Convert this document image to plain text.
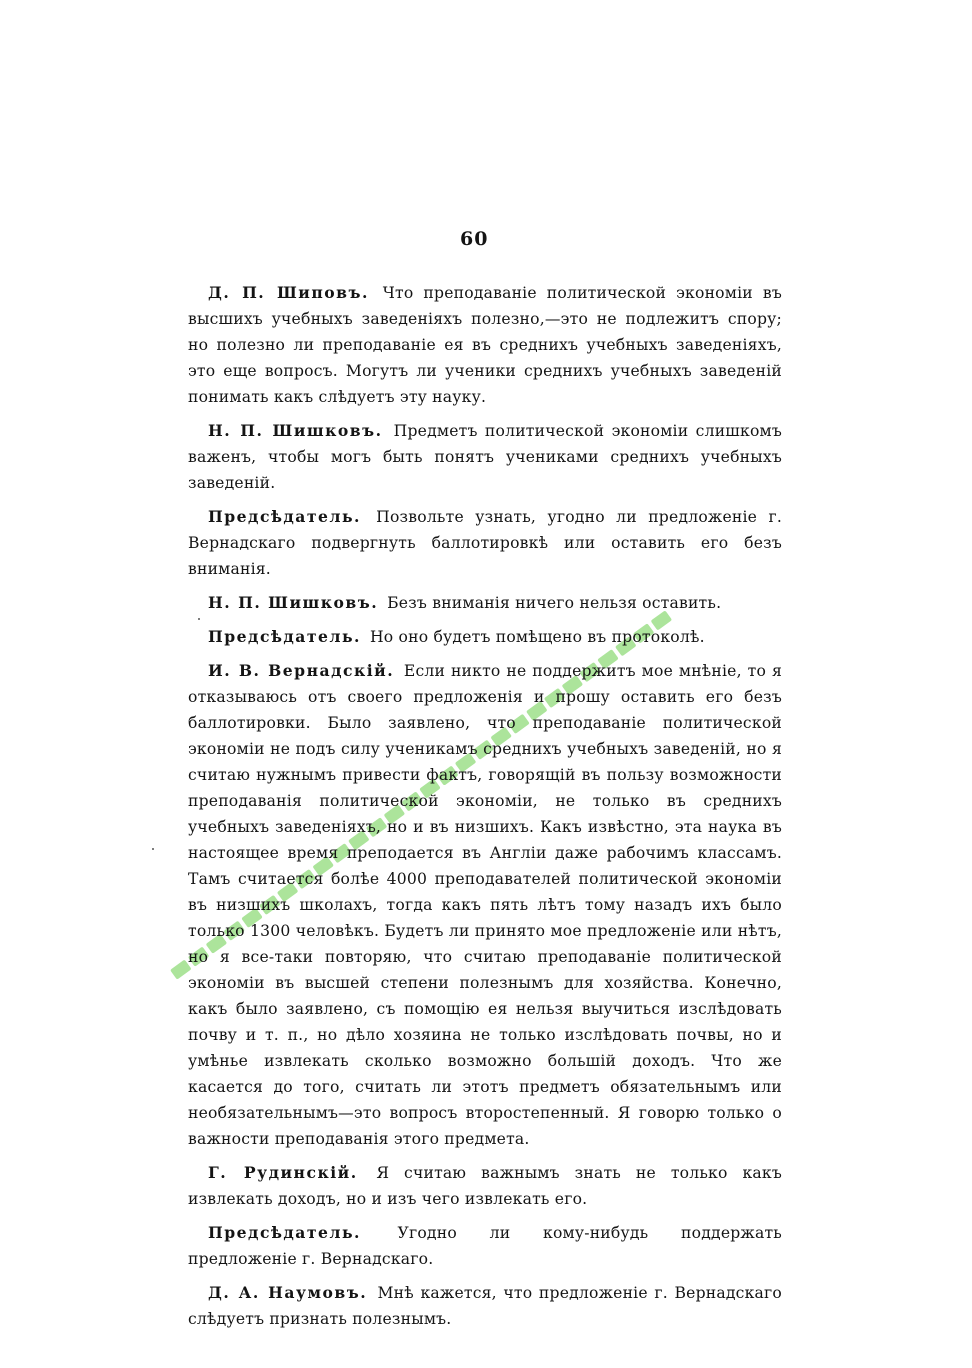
60

Д. П. Шиповъ. Что преподаванiе политической экономiи въ высшихъ учебныхъ заведенiяхъ полезно,—это не подлежитъ спору; но полезно ли преподаванiе ея въ среднихъ учебныхъ заведенiяхъ, это еще вопросъ. Могутъ ли ученики среднихъ учебныхъ заведенiй понимать какъ слѣдуетъ эту науку.

Н. П. Шишковъ. Предметъ политической экономiи слишкомъ важенъ, чтобы могъ быть понятъ учениками среднихъ учебныхъ заведенiй.

Предсѣдатель. Позвольте узнать, угодно ли предложенiе г. Вернадскаго подвергнуть баллотировкѣ или оставить его безъ вниманiя.

Н. П. Шишковъ. Безъ вниманiя ничего нельзя оставить.

Предсѣдатель. Но оно будетъ помѣщено въ протоколѣ.

И. В. Вернадскiй. Если никто не поддержитъ мое мнѣнiе, то я отказываюсь отъ своего предложенiя и прошу оставить его безъ баллотировки. Было заявлено, что преподаванiе политической экономiи не подъ силу ученикамъ среднихъ учебныхъ заведенiй, но я считаю нужнымъ привести фактъ, говорящiй въ пользу возможности преподаванiя политической экономiи, не только въ среднихъ учебныхъ заведенiяхъ, но и въ низшихъ. Какъ извѣстно, эта наука въ настоящее время преподается въ Англiи даже рабочимъ классамъ. Тамъ считается болѣе 4000 преподавателей политической экономiи въ низшихъ школахъ, тогда какъ пять лѣтъ тому назадъ ихъ было только 1300 человѣкъ. Будетъ ли принято мое предложенiе или нѣтъ, но я все-таки повторяю, что считаю преподаванiе политической экономiи въ высшей степени полезнымъ для хозяйства. Конечно, какъ было заявлено, съ помощiю ея нельзя выучиться изслѣдовать почву и т. п., но дѣло хозяина не только изслѣдовать почвы, но и умѣнье извлекать сколько возможно большiй доходъ. Что же касается до того, считать ли этотъ предметъ обязательнымъ или необязательнымъ—это вопросъ второстепенный. Я говорю только о важности преподаванiя этого предмета.

Г. Рудинскiй. Я считаю важнымъ знать не только какъ извлекать доходъ, но и изъ чего извлекать его.

Предсѣдатель. Угодно ли кому-нибудь поддержать предложенiе г. Вернадскаго.

Д. А. Наумовъ. Мнѣ кажется, что предложенiе г. Вернадскаго слѣдуетъ признать полезнымъ.
